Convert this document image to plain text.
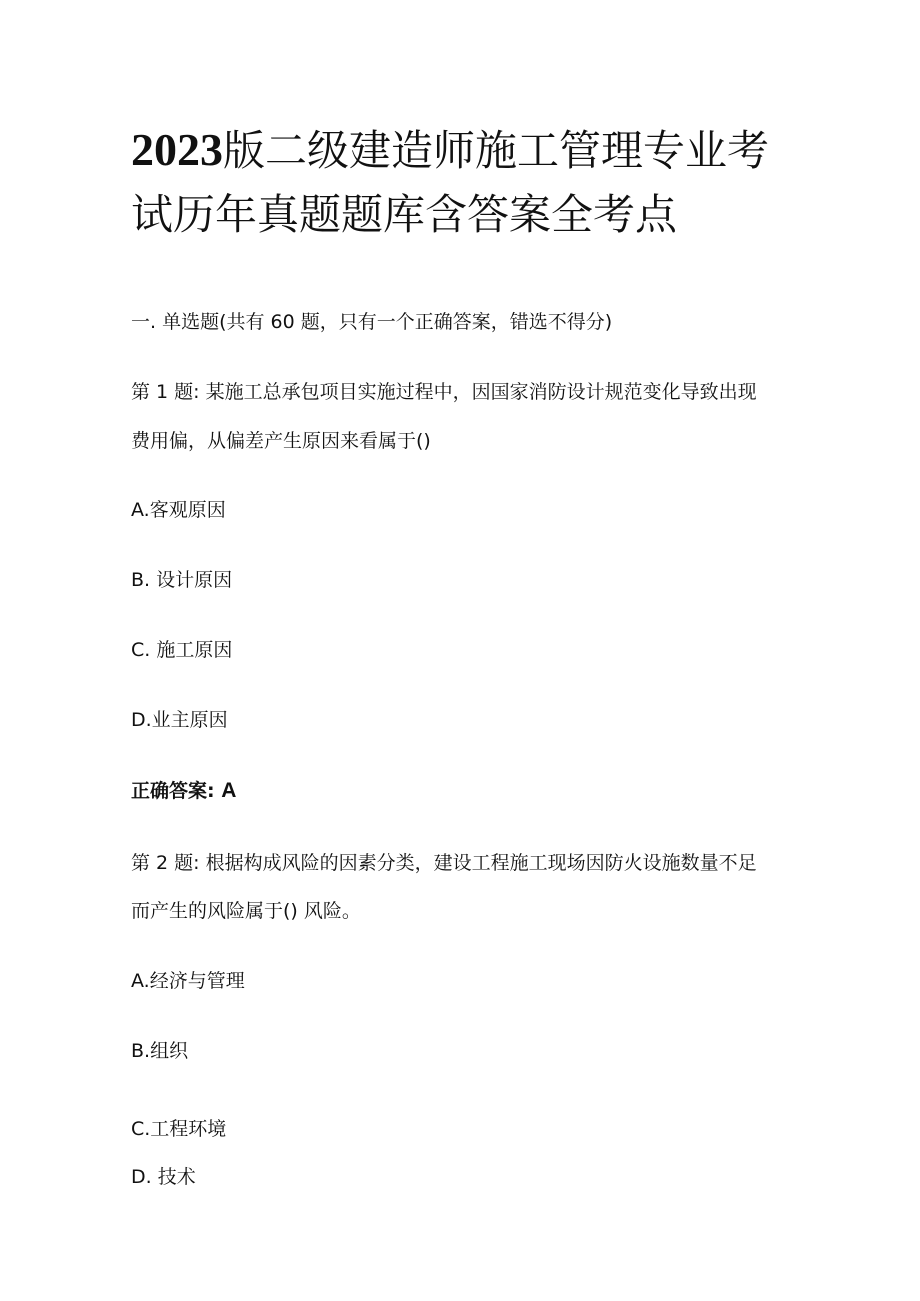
2023版二级建造师施工管理专业考
试历年真题题库含答案全考点

一. 单选题(共有 60 题，只有一个正确答案，错选不得分)

第 1 题: 某施工总承包项目实施过程中，因国家消防设计规范变化导致出现

费用偏，从偏差产生原因来看属于()

A.客观原因

B. 设计原因

C. 施工原因

D.业主原因

正确答案: A

第 2 题: 根据构成风险的因素分类，建设工程施工现场因防火设施数量不足

而产生的风险属于() 风险。

A.经济与管理

B.组织

C.工程环境

D. 技术
